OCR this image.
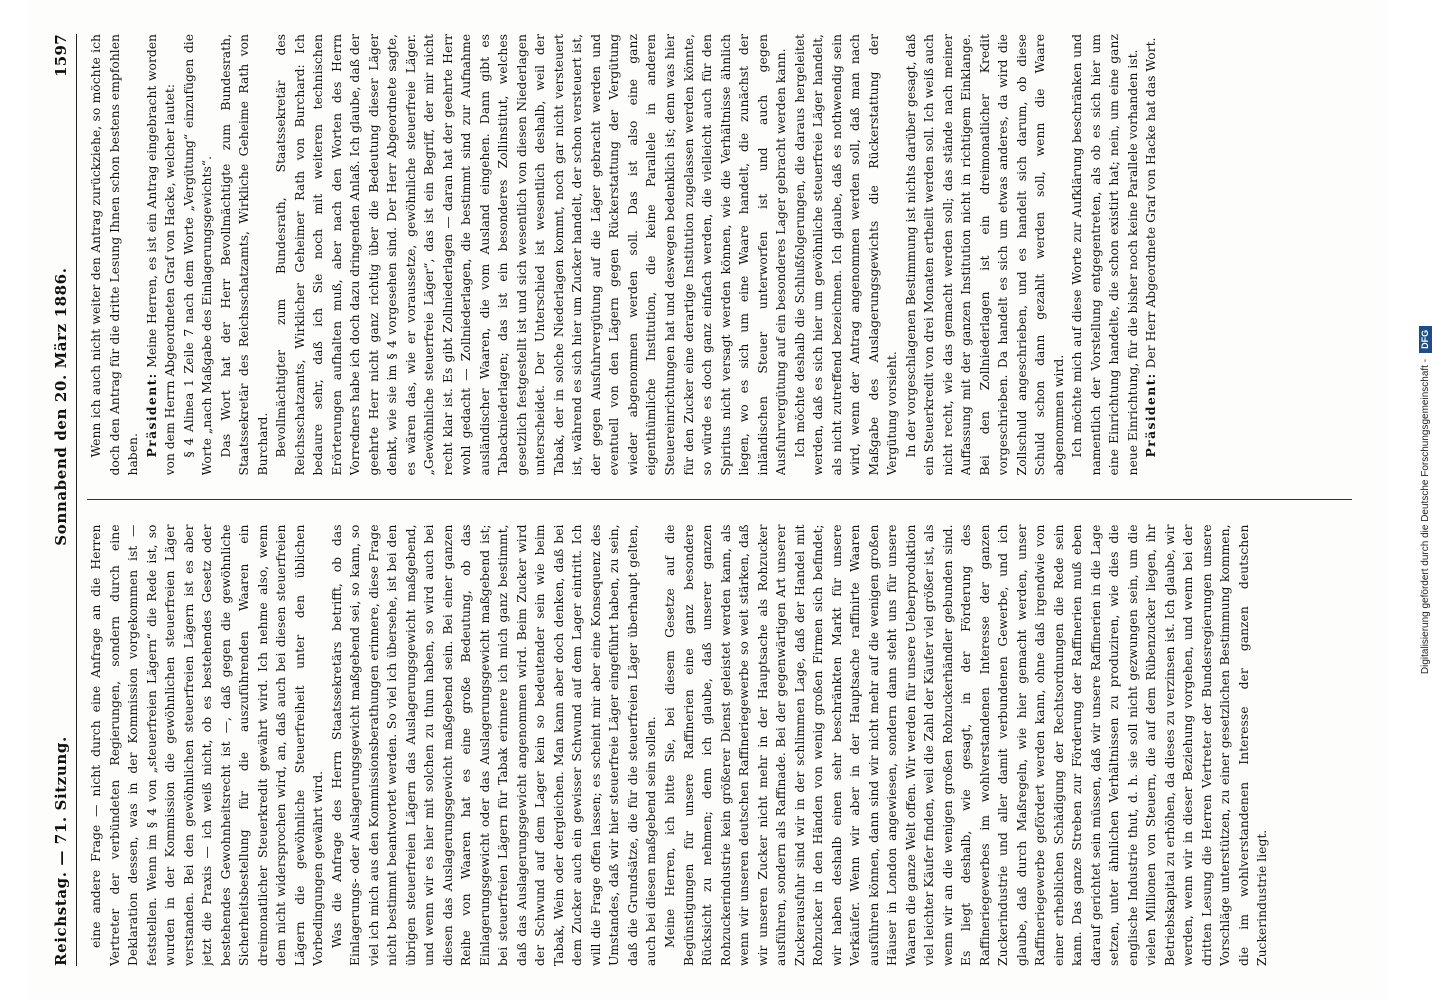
Reichstag. — 71. Sitzung.
Sonnabend den 20. März 1886.
1597

eine andere Frage — nicht durch eine Anfrage an die Herren Vertreter der verbündeten Regierungen, sondern durch eine Deklaration dessen, was in der Kommission vorgekommen ist — feststellen. Wenn im § 4 von „steuerfreien Lägern“ die Rede ist, so wurden in der Kommission die gewöhnlichen steuerfreien Läger verstanden. Bei den gewöhnlichen steuerfreien Lägern ist es aber jetzt die Praxis — ich weiß nicht, ob es bestehendes Gesetz oder bestehendes Gewohnheitsrecht ist —, daß gegen die gewöhnliche Sicherheitsbestellung für die auszuführenden Waaren ein dreimonatlicher Steuerkredit gewährt wird. Ich nehme also, wenn dem nicht widersprochen wird, an, daß auch bei diesen steuerfreien Lägern die gewöhnliche Steuerfreiheit unter den üblichen Vorbedingungen gewährt wird. Was die Anfrage des Herrn Staatssekretärs betrifft, ob das Einlagerungs- oder Auslagerungsgewicht maßgebend sei, so kann, so viel ich mich aus den Kommissionsberathungen erinnere, diese Frage nicht bestimmt beantwortet werden. So viel ich übersehe, ist bei den übrigen steuerfreien Lägern das Auslagerungsgewicht maßgebend, und wenn wir es hier mit solchen zu thun haben, so wird auch bei diesen das Auslagerungsgewicht maßgebend sein. Bei einer ganzen Reihe von Waaren hat es eine große Bedeutung, ob das Einlagerungsgewicht oder das Auslagerungsgewicht maßgebend ist; bei steuerfreien Lägern für Tabak erinnere ich mich ganz bestimmt, daß das Auslagerungsgewicht angenommen wird. Beim Zucker wird der Schwund auf dem Lager kein so bedeutender sein wie beim Tabak, Wein oder dergleichen. Man kann aber doch denken, daß bei dem Zucker auch ein gewisser Schwund auf dem Lager eintritt. Ich will die Frage offen lassen; es scheint mir aber eine Konsequenz des Umstandes, daß wir hier steuerfreie Läger eingeführt haben, zu sein, daß die Grundsätze, die für die steuerfreien Läger überhaupt gelten, auch bei diesen maßgebend sein sollen. Meine Herren, ich bitte Sie, bei diesem Gesetze auf die Begünstigungen für unsere Raffinerien eine ganz besondere Rücksicht zu nehmen; denn ich glaube, daß unserer ganzen Rohzuckerindustrie kein größerer Dienst geleistet werden kann, als wenn wir unseren deutschen Raffineriegewerbe so weit stärken, daß wir unseren Zucker nicht mehr in der Hauptsache als Rohzucker ausführen, sondern als Raffinade. Bei der gegenwärtigen Art unserer Zuckerausfuhr sind wir in der schlimmen Lage, daß der Handel mit Rohzucker in den Händen von wenig großen Firmen sich befindet; wir haben deshalb einen sehr beschränkten Markt für unsere Verkäufer. Wenn wir aber in der Hauptsache raffinirte Waaren ausführen können, dann sind wir nicht mehr auf die wenigen großen Häuser in London angewiesen, sondern dann steht uns für unsere Waaren die ganze Welt offen. Wir werden für unsere Ueberproduktion viel leichter Käufer finden, weil die Zahl der Käufer viel größer ist, als wenn wir an die wenigen großen Rohzuckerhändler gebunden sind. Es liegt deshalb, wie gesagt, in der Förderung des Raffineriegewerbes im wohlverstandenen Interesse der ganzen Zuckerindustrie und aller damit verbundenen Gewerbe, und ich glaube, daß durch Maßregeln, wie hier gemacht werden, unser Raffineriegewerbe gefördert werden kann, ohne daß irgendwie von einer erheblichen Schädigung der Rechtsordnungen die Rede sein kann. Das ganze Streben zur Förderung der Raffinerien muß eben darauf gerichtet sein müssen, daß wir unsere Raffinerien in die Lage setzen, unter ähnlichen Verhältnissen zu produziren, wie dies die englische Industrie thut, d. h. sie soll nicht gezwungen sein, um die vielen Millionen von Steuern, die auf dem Rübenzucker liegen, ihr Betriebskapital zu erhöhen, da dieses zu verzinsen ist. Ich glaube, wir werden, wenn wir in dieser Beziehung vorgehen, und wenn bei der dritten Lesung die Herren Vertreter der Bundesregierungen unsere Vorschläge unterstützen, zu einer gesetzlichen Bestimmung kommen, die im wohlverstandenen Interesse der ganzen deutschen Zuckerindustrie liegt.

Wenn ich auch nicht weiter den Antrag zurückziehe, so möchte ich doch den Antrag für die dritte Lesung Ihnen schon bestens empfohlen haben. Präsident: Meine Herren, es ist ein Antrag eingebracht worden von dem Herrn Abgeordneten Graf von Hacke, welcher lautet: § 4 Alinea 1 Zeile 7 nach dem Worte „Vergütung“ einzufügen die Worte „nach Maßgabe des Einlagerungsgewichts“. Das Wort hat der Herr Bevollmächtigte zum Bundesrath, Staatssekretär des Reichsschatzamts, Wirkliche Geheime Rath von Burchard. Bevollmächtigter zum Bundesrath, Staatssekretär des Reichsschatzamts, Wirklicher Geheimer Rath von Burchard: Ich bedaure sehr, daß ich Sie noch mit weiteren technischen Erörterungen aufhalten muß, aber nach den Worten des Herrn Vorredners habe ich doch dazu dringenden Anlaß. Ich glaube, daß der geehrte Herr nicht ganz richtig über die Bedeutung dieser Läger denkt, wie sie im § 4 vorgesehen sind. Der Herr Abgeordnete sagte, es wären das, wie er voraussetze, gewöhnliche steuerfreie Läger. „Gewöhnliche steuerfreie Läger“, das ist ein Begriff, der mir nicht recht klar ist. Es gibt Zollniederlagen — daran hat der geehrte Herr wohl gedacht — Zollniederlagen, die bestimmt sind zur Aufnahme ausländischer Waaren, die vom Ausland eingehen. Dann gibt es Tabackniederlagen; das ist ein besonderes Zollinstitut, welches gesetzlich festgestellt ist und sich wesentlich von diesen Niederlagen unterscheidet. Der Unterschied ist wesentlich deshalb, weil der Tabak, der in solche Niederlagen kommt, noch gar nicht versteuert ist, während es sich hier um Zucker handelt, der schon versteuert ist, der gegen Ausfuhrvergütung auf die Läger gebracht werden und eventuell von den Lägern gegen Rückerstattung der Vergütung wieder abgenommen werden soll. Das ist also eine ganz eigenthümliche Institution, die keine Parallele in anderen Steuereinrichtungen hat und deswegen bedenklich ist; denn was hier für den Zucker eine derartige Institution zugelassen werden könnte, so würde es doch ganz einfach werden, die vielleicht auch für den Spiritus nicht versagt werden können, wie die Verhältnisse ähnlich liegen, wo es sich um eine Waare handelt, die zunächst der inländischen Steuer unterworfen ist und auch gegen Ausfuhrvergütung auf ein besonderes Lager gebracht werden kann. Ich möchte deshalb die Schlußfolgerungen, die daraus hergeleitet werden, daß es sich hier um gewöhnliche steuerfreie Läger handelt, als nicht zutreffend bezeichnen. Ich glaube, daß es nothwendig sein wird, wenn der Antrag angenommen werden soll, daß man nach Maßgabe des Auslagerungsgewichts die Rückerstattung der Vergütung vorsieht. In der vorgeschlagenen Bestimmung ist nichts darüber gesagt, daß ein Steuerkredit von drei Monaten ertheilt werden soll. Ich weiß auch nicht recht, wie das gemacht werden soll; das stände nach meiner Auffassung mit der ganzen Institution nicht in richtigem Einklange. Bei den Zollniederlagen ist ein dreimonatlicher Kredit vorgeschrieben. Da handelt es sich um etwas anderes, da wird die Zollschuld angeschrieben, und es handelt sich darum, ob diese Schuld schon dann gezahlt werden soll, wenn die Waare abgenommen wird. Ich möchte mich auf diese Worte zur Aufklärung beschränken und namentlich der Vorstellung entgegentreten, als ob es sich hier um eine Einrichtung handelte, die schon existirt hat; nein, um eine ganz neue Einrichtung, für die bisher noch keine Parallele vorhanden ist. Präsident: Der Herr Abgeordnete Graf von Hacke hat das Wort.

Digitalisierung gefördert durch die Deutsche Forschungsgemeinschaft -
DFG
